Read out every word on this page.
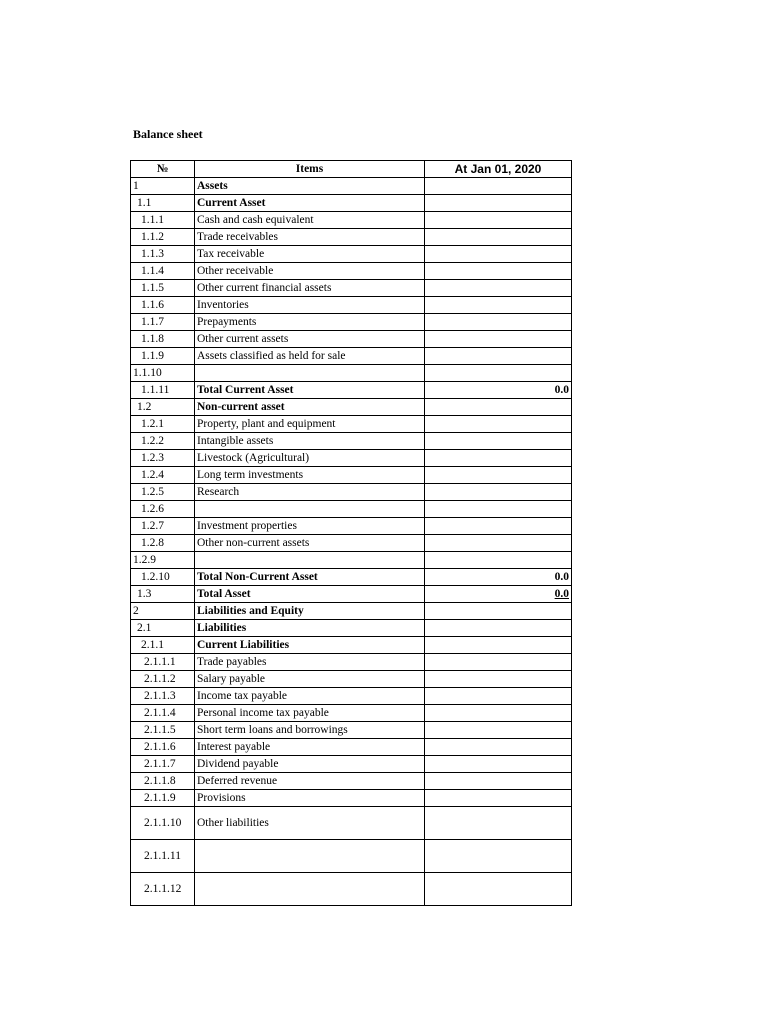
Balance sheet
№	Items	At Jan 01, 2020
1	Assets	
1.1	Current Asset	
1.1.1	Cash and cash equivalent	
1.1.2	Trade receivables	
1.1.3	Tax receivable	
1.1.4	Other receivable	
1.1.5	Other current financial assets	
1.1.6	Inventories	
1.1.7	Prepayments	
1.1.8	Other current assets	
1.1.9	Assets classified as held for sale	
1.1.10		
1.1.11	Total Current Asset	0.0
1.2	Non-current asset	
1.2.1	Property, plant and equipment	
1.2.2	Intangible assets	
1.2.3	Livestock (Agricultural)	
1.2.4	Long term investments	
1.2.5	Research	
1.2.6		
1.2.7	Investment properties	
1.2.8	Other non-current assets	
1.2.9		
1.2.10	Total Non-Current Asset	0.0
1.3	Total Asset	0.0
2	Liabilities and Equity	
2.1	Liabilities	
2.1.1	Current Liabilities	
2.1.1.1	Trade payables	
2.1.1.2	Salary payable	
2.1.1.3	Income tax payable	
2.1.1.4	Personal income tax payable	
2.1.1.5	Short term loans and borrowings	
2.1.1.6	Interest payable	
2.1.1.7	Dividend payable	
2.1.1.8	Deferred revenue	
2.1.1.9	Provisions	
2.1.1.10	Other liabilities	
2.1.1.11		
2.1.1.12		
